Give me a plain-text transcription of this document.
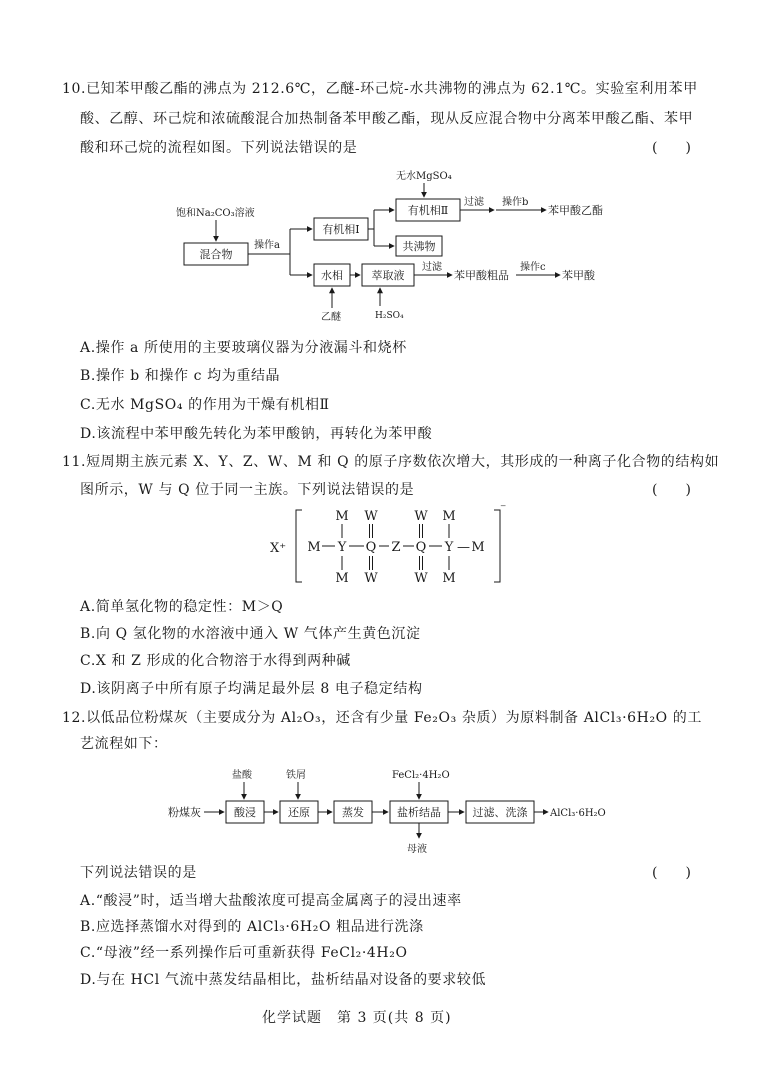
10.已知苯甲酸乙酯的沸点为 212.6℃，乙醚-环己烷-水共沸物的沸点为 62.1℃。实验室利用苯甲
酸、乙醇、环己烷和浓硫酸混合加热制备苯甲酸乙酯，现从反应混合物中分离苯甲酸乙酯、苯甲
酸和环己烷的流程如图。下列说法错误的是	(　　)
饱和Na₂CO₃溶液
混合物
操作a
有机相Ⅰ
无水MgSO₄
有机相Ⅱ
过滤 操作b
苯甲酸乙酯
共沸物
水相
乙醚
萃取液
H₂SO₄
过滤
苯甲酸粗品
操作c
苯甲酸
A.操作 a 所使用的主要玻璃仪器为分液漏斗和烧杯
B.操作 b 和操作 c 均为重结晶
C.无水 MgSO₄ 的作用为干燥有机相Ⅱ
D.该流程中苯甲酸先转化为苯甲酸钠，再转化为苯甲酸
11.短周期主族元素 X、Y、Z、W、M 和 Q 的原子序数依次增大，其形成的一种离子化合物的结构如
图所示，W 与 Q 位于同一主族。下列说法错误的是	(　　)
X⁺
⁻
M W	W M
M Y Q Z Q Y — M
M W	W M
A.简单氢化物的稳定性：M＞Q
B.向 Q 氢化物的水溶液中通入 W 气体产生黄色沉淀
C.X 和 Z 形成的化合物溶于水得到两种碱
D.该阴离子中所有原子均满足最外层 8 电子稳定结构
12.以低品位粉煤灰（主要成分为 Al₂O₃，还含有少量 Fe₂O₃ 杂质）为原料制备 AlCl₃·6H₂O 的工
艺流程如下：
盐酸	铁屑	FeCl₂·4H₂O
粉煤灰	酸浸	还原	蒸发	盐析结晶	过滤、洗涤 AlCl₃·6H₂O
母液
下列说法错误的是	(　　)
A.“酸浸”时，适当增大盐酸浓度可提高金属离子的浸出速率
B.应选择蒸馏水对得到的 AlCl₃·6H₂O 粗品进行洗涤
C.“母液”经一系列操作后可重新获得 FeCl₂·4H₂O
D.与在 HCl 气流中蒸发结晶相比，盐析结晶对设备的要求较低
化学试题　第 3 页(共 8 页)
